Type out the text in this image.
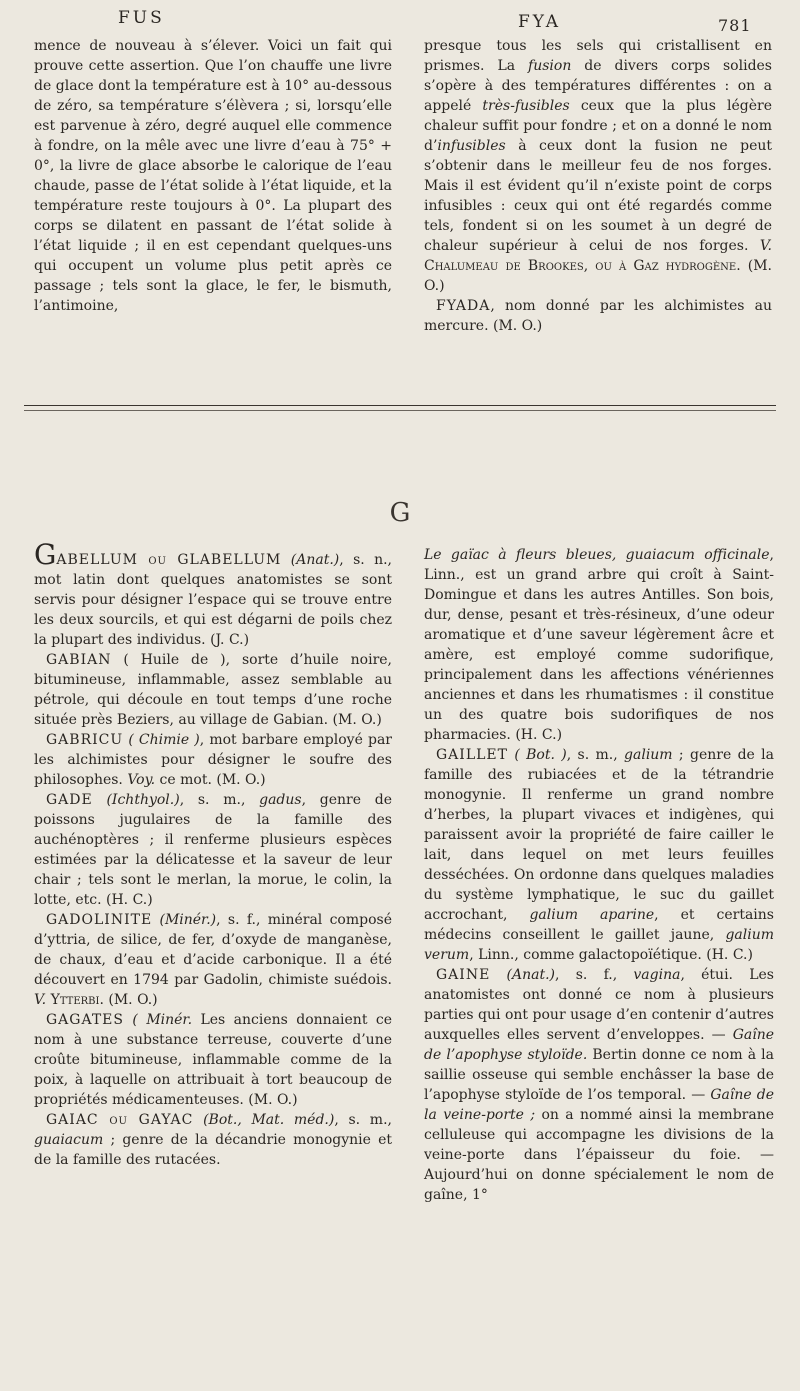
FUS	FYA	781

mence de nouveau à s’élever. Voici un fait qui prouve cette assertion. Que l’on chauffe une livre de glace dont la température est à 10° au-dessous de zéro, sa température s’élèvera ; si, lorsqu’elle est parvenue à zéro, degré auquel elle commence à fondre, on la mêle avec une livre d’eau à 75° + 0°, la livre de glace absorbe le calorique de l’eau chaude, passe de l’état solide à l’état liquide, et la température reste toujours à 0°. La plupart des corps se dilatent en passant de l’état solide à l’état liquide ; il en est cependant quelques-uns qui occupent un volume plus petit après ce passage ; tels sont la glace, le fer, le bismuth, l’antimoine,

presque tous les sels qui cristallisent en prismes. La fusion de divers corps solides s’opère à des températures différentes : on a appelé très-fusibles ceux que la plus légère chaleur suffit pour fondre ; et on a donné le nom d’infusibles à ceux dont la fusion ne peut s’obtenir dans le meilleur feu de nos forges. Mais il est évident qu’il n’existe point de corps infusibles : ceux qui ont été regardés comme tels, fondent si on les soumet à un degré de chaleur supérieur à celui de nos forges. V. Chalumeau de Brookes, ou à Gaz hydrogène. (M. O.)

FYADA, nom donné par les alchimistes au mercure. (M. O.)

G

GABELLUM ou GLABELLUM (Anat.), s. n., mot latin dont quelques anatomistes se sont servis pour désigner l’espace qui se trouve entre les deux sourcils, et qui est dégarni de poils chez la plupart des individus. (J. C.)

GABIAN ( Huile de ), sorte d’huile noire, bitumineuse, inflammable, assez semblable au pétrole, qui découle en tout temps d’une roche située près Beziers, au village de Gabian. (M. O.)

GABRICU ( Chimie ), mot barbare employé par les alchimistes pour désigner le soufre des philosophes. Voy. ce mot. (M. O.)

GADE (Ichthyol.), s. m., gadus, genre de poissons jugulaires de la famille des auchénoptères ; il renferme plusieurs espèces estimées par la délicatesse et la saveur de leur chair ; tels sont le merlan, la morue, le colin, la lotte, etc. (H. C.)

GADOLINITE (Minér.), s. f., minéral composé d’yttria, de silice, de fer, d’oxyde de manganèse, de chaux, d’eau et d’acide carbonique. Il a été découvert en 1794 par Gadolin, chimiste suédois. V. Ytterbi. (M. O.)

GAGATES ( Minér. Les anciens donnaient ce nom à une substance terreuse, couverte d’une croûte bitumineuse, inflammable comme de la poix, à laquelle on attribuait à tort beaucoup de propriétés médicamenteuses. (M. O.)

GAIAC ou GAYAC (Bot., Mat. méd.), s. m., guaiacum ; genre de la décandrie monogynie et de la famille des rutacées.

Le gaïac à fleurs bleues, guaiacum officinale, Linn., est un grand arbre qui croît à Saint-Domingue et dans les autres Antilles. Son bois, dur, dense, pesant et très-résineux, d’une odeur aromatique et d’une saveur légèrement âcre et amère, est employé comme sudorifique, principalement dans les affections vénériennes anciennes et dans les rhumatismes : il constitue un des quatre bois sudorifiques de nos pharmacies. (H. C.)

GAILLET ( Bot. ), s. m., galium ; genre de la famille des rubiacées et de la tétrandrie monogynie. Il renferme un grand nombre d’herbes, la plupart vivaces et indigènes, qui paraissent avoir la propriété de faire cailler le lait, dans lequel on met leurs feuilles desséchées. On ordonne dans quelques maladies du système lymphatique, le suc du gaillet accrochant, galium aparine, et certains médecins conseillent le gaillet jaune, galium verum, Linn., comme galactopoïétique. (H. C.)

GAINE (Anat.), s. f., vagina, étui. Les anatomistes ont donné ce nom à plusieurs parties qui ont pour usage d’en contenir d’autres auxquelles elles servent d’enveloppes. — Gaîne de l’apophyse styloïde. Bertin donne ce nom à la saillie osseuse qui semble enchâsser la base de l’apophyse styloïde de l’os temporal. — Gaîne de la veine-porte ; on a nommé ainsi la membrane celluleuse qui accompagne les divisions de la veine-porte dans l’épaisseur du foie. — Aujourd’hui on donne spécialement le nom de gaîne, 1°
